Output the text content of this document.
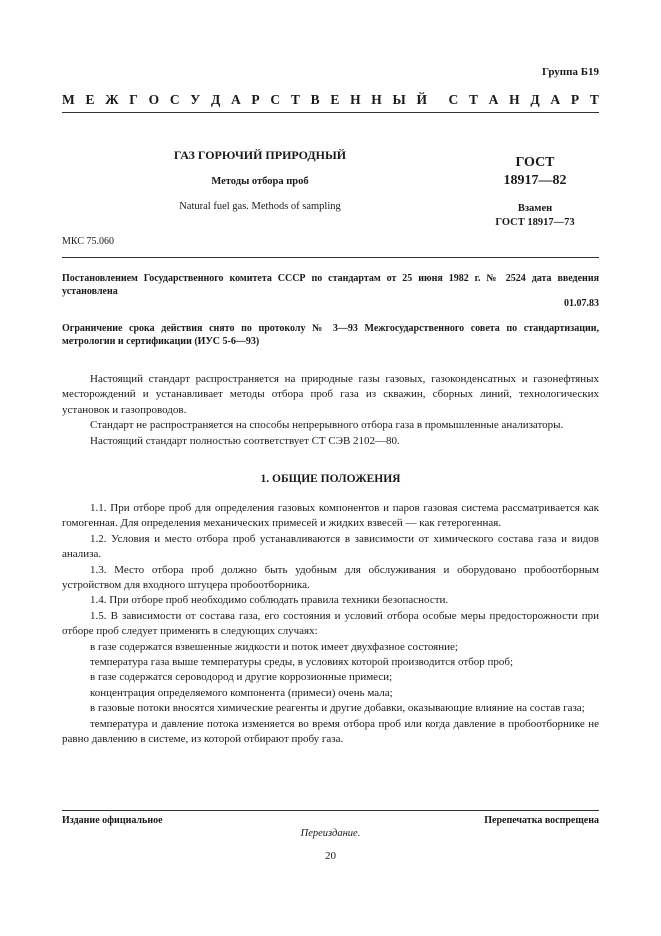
Группа Б19
М Е Ж Г О С У Д А Р С Т В Е Н Н Ы Й С Т А Н Д А Р Т
ГАЗ ГОРЮЧИЙ ПРИРОДНЫЙ
Методы отбора проб
Natural fuel gas. Methods of sampling
ГОСТ
18917—82
Взамен
ГОСТ 18917—73
МКС 75.060
Постановлением Государственного комитета СССР по стандартам от 25 июня 1982 г. № 2524 дата введения установлена
01.07.83
Ограничение срока действия снято по протоколу № 3—93 Межгосударственного совета по стандартизации, метрологии и сертификации (ИУС 5-6—93)

Настоящий стандарт распространяется на природные газы газовых, газоконденсатных и газонефтяных месторождений и устанавливает методы отбора проб газа из скважин, сборных линий, технологических установок и газопроводов.

Стандарт не распространяется на способы непрерывного отбора газа в промышленные анализаторы.

Настоящий стандарт полностью соответствует СТ СЭВ 2102—80.

1. ОБЩИЕ ПОЛОЖЕНИЯ

1.1. При отборе проб для определения газовых компонентов и паров газовая система рассматривается как гомогенная. Для определения механических примесей и жидких взвесей — как гетерогенная.

1.2. Условия и место отбора проб устанавливаются в зависимости от химического состава газа и видов анализа.

1.3. Место отбора проб должно быть удобным для обслуживания и оборудовано пробоотборным устройством для входного штуцера пробоотборника.

1.4. При отборе проб необходимо соблюдать правила техники безопасности.

1.5. В зависимости от состава газа, его состояния и условий отбора особые меры предосторожности при отборе проб следует применять в следующих случаях:

в газе содержатся взвешенные жидкости и поток имеет двухфазное состояние;

температура газа выше температуры среды, в условиях которой производится отбор проб;

в газе содержатся сероводород и другие коррозионные примеси;

концентрация определяемого компонента (примеси) очень мала;

в газовые потоки вносятся химические реагенты и другие добавки, оказывающие влияние на состав газа;

температура и давление потока изменяется во время отбора проб или когда давление в пробоотборнике не равно давлению в системе, из которой отбирают пробу газа.

Издание официальное	Перепечатка воспрещена
Переиздание.
20
